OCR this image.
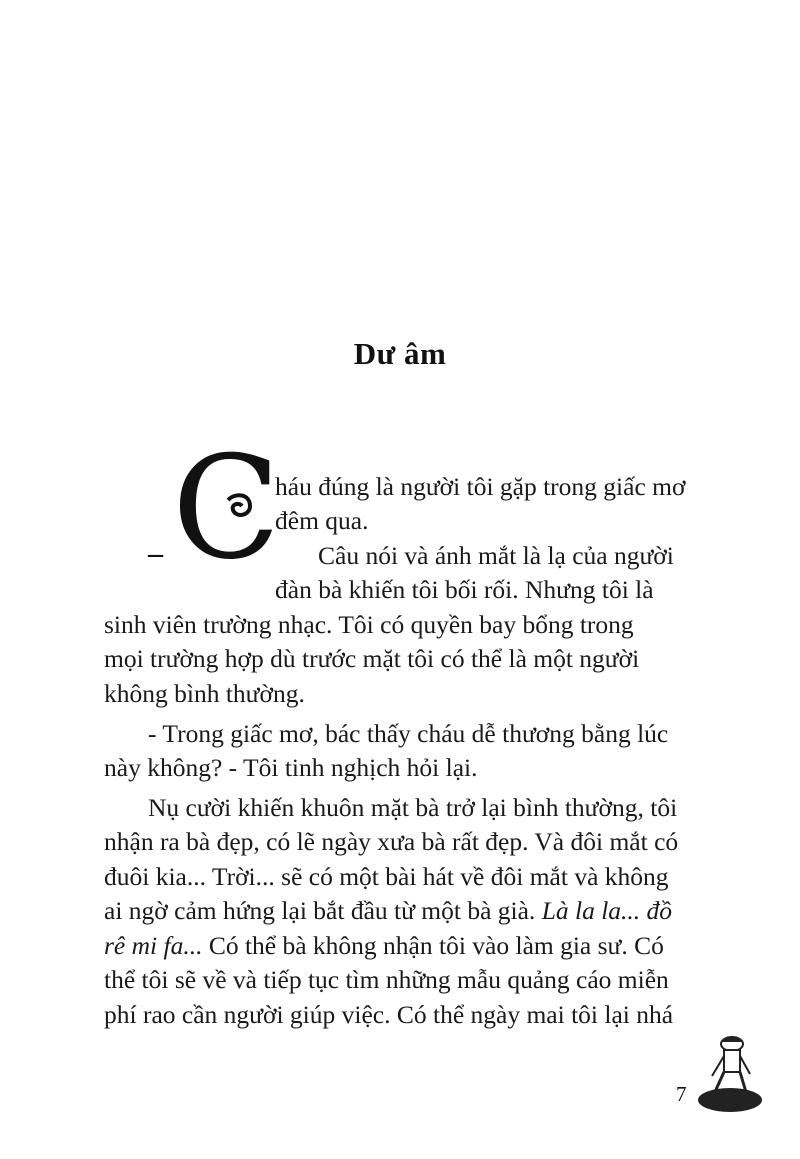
Dư âm
– C
háu đúng là người tôi gặp trong giấc mơ
đêm qua.
Câu nói và ánh mắt là lạ của người
đàn bà khiến tôi bối rối. Nhưng tôi là
sinh viên trường nhạc. Tôi có quyền bay bổng trong
mọi trường hợp dù trước mặt tôi có thể là một người
không bình thường.
- Trong giấc mơ, bác thấy cháu dễ thương bằng lúc
này không? - Tôi tinh nghịch hỏi lại.
Nụ cười khiến khuôn mặt bà trở lại bình thường, tôi
nhận ra bà đẹp, có lẽ ngày xưa bà rất đẹp. Và đôi mắt có
đuôi kia... Trời... sẽ có một bài hát về đôi mắt và không
ai ngờ cảm hứng lại bắt đầu từ một bà già. Là la la... đồ
rê mi fa... Có thể bà không nhận tôi vào làm gia sư. Có
thể tôi sẽ về và tiếp tục tìm những mẫu quảng cáo miễn
phí rao cần người giúp việc. Có thể ngày mai tôi lại nhá
7
